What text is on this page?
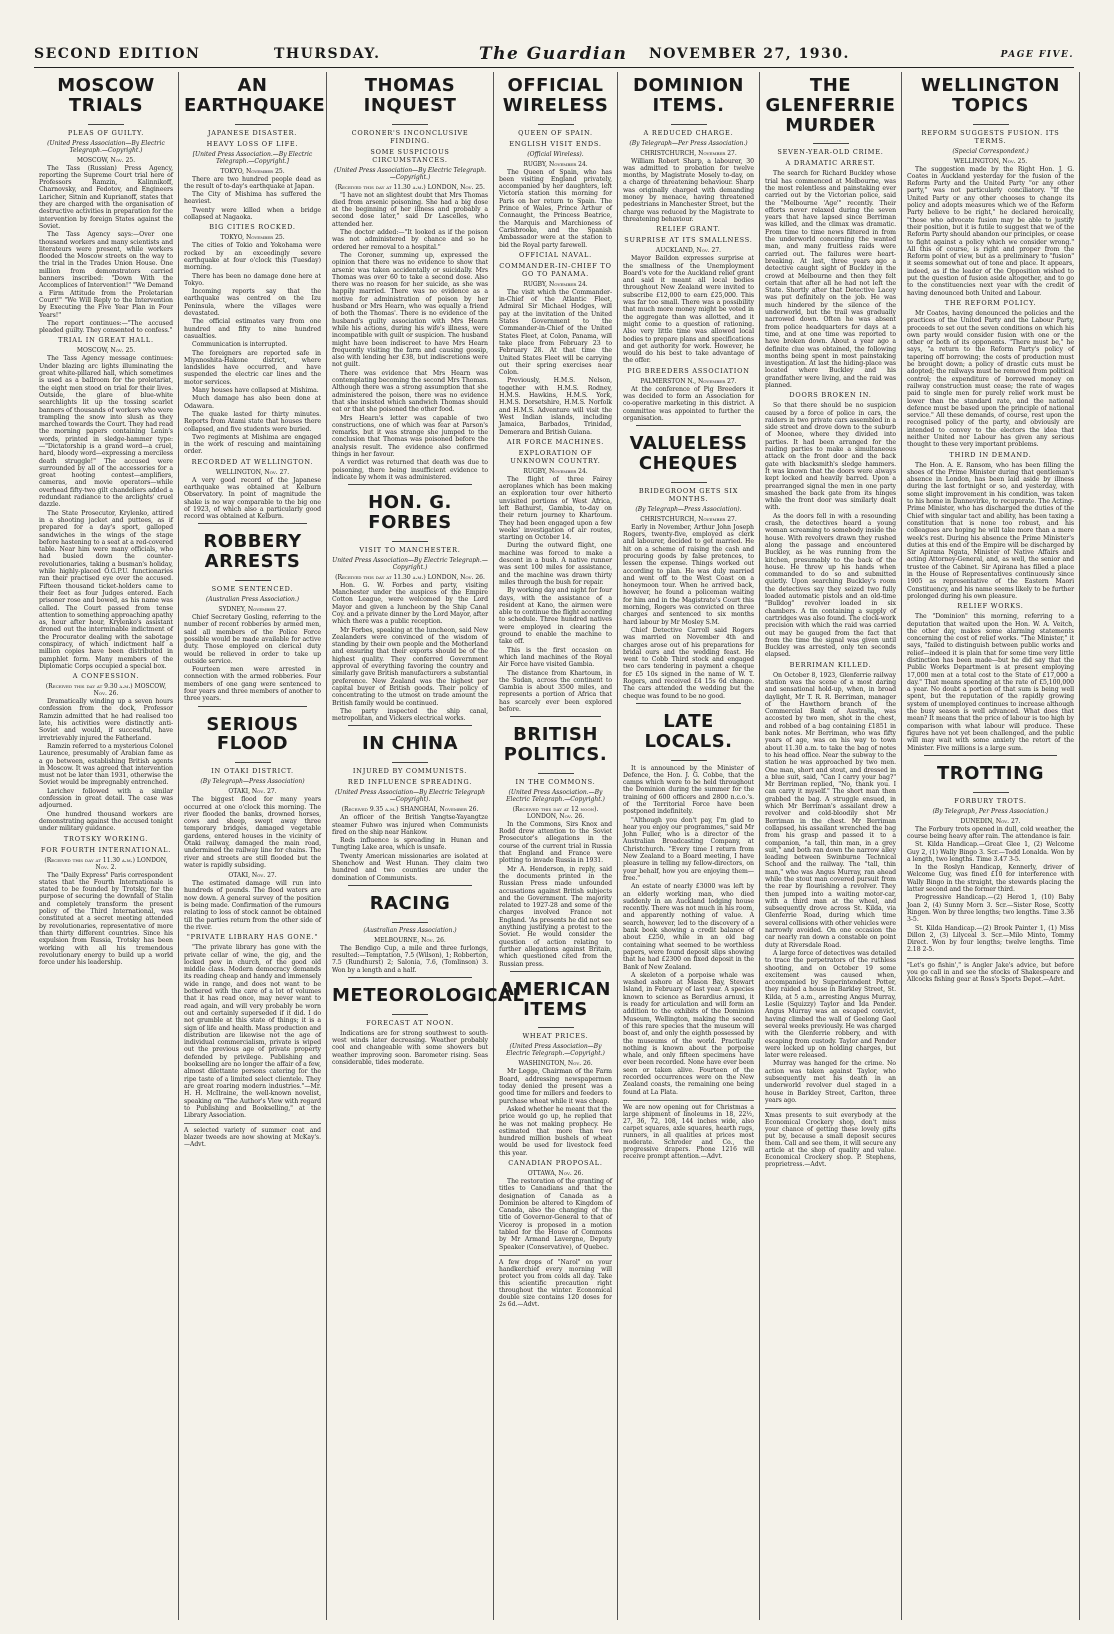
SECOND EDITION	THURSDAY.	The Guardian NOVEMBER 27, 1930.	PAGE FIVE.
MOSCOW TRIALS
PLEAS OF GUILTY.
(United Press Association—By Electric Telegraph.—Copyright.)
MOSCOW, Nov. 25.

The Tass (Russian) Press Agency, reporting the Supreme Court trial here of Professors Ramzin, Kalinnikoff, Charnovsky, and Fedotov, and Engineers Laricher, Sitnin and Kuprianoff, states that they are charged with the organisation of destructive activities in preparation for the intervention by foreign States against the Soviet.

The Tass Agency says:—Over one thousand workers and many scientists and literateurs were present, while workers flooded the Moscow streets on the way to the trial in the Trades Union House. One million from demonstrators carried banners inscribed: "Down With the Accomplices of Intervention!" "We Demand a Firm Attitude from the Proletarian Court!" "We Will Reply to the Intervention by Executing the Five Year Plan in Four Years!"

The report continues:—"The accused pleaded guilty. They consented to confess."

TRIAL IN GREAT HALL.
MOSCOW, Nov. 25.

The Tass Agency message continues: Under blazing arc lights illuminating the great white-pillared hall, which sometimes is used as a ballroom for the proletariat, the eight men stood on trial for their lives. Outside, the glare of blue-white searchlights lit up the tossing scarlet banners of thousands of workers who were trampling the snow into slush as they marched towards the Court. They had read the morning papers containing Lenin's words, printed in sledge-hammer type:—"Dictatorship is a grand word—a cruel, hard, bloody word—expressing a merciless death struggle!" The accused were surrounded by all of the accessories for a great hooting contest—amplifiers, cameras, and movie operators—while overhead fifty-two gilt chandeliers added a redundant radiance to the arclights' cruel dazzle.

The State Prosecutor, Krylenko, attired in a shooting jacket and puttees, as if prepared for a day's sport, galloped sandwiches in the wings of the stage before hastening to a seat at a red-covered table. Near him were many officials, who had busied down the counter-revolutionaries, taking a busman's holiday, while highly-placed O.G.P.U. functionaries ran their practised eye over the accused. Fifteen thousand ticket-holders came to their feet as four Judges entered. Each prisoner rose and bowed, as his name was called. The Court passed from tense attention to something approaching apathy as, hour after hour, Krylenko's assistant droned out the interminable indictment of the Procurator dealing with the sabotage conspiracy, of which indictment half a million copies have been distributed in pamphlet form. Many members of the Diplomatic Corps occupied a special box.

A CONFESSION.
(Received this day at 9.30 a.m.) MOSCOW, Nov. 26.

Dramatically winding up a seven hours confession from the dock, Professor Ramzin admitted that he had realised too late, his activities were distinctly anti-Soviet and would, if successful, have irretrievably injured the Fatherland.

Ramzin referred to a mysterious Colonel Laurence, presumably of Arabian fame as a go between, establishing British agents in Moscow. It was agreed that intervention must not be later than 1931, otherwise the Soviet would be impregnably entrenched.

Larichev followed with a similar confession in great detail. The case was adjourned.

One hundred thousand workers are demonstrating against the accused tonight under military guidance.

TROTSKY WORKING.
FOR FOURTH INTERNATIONAL.
(Received this day at 11.30 a.m.) LONDON, Nov. 2.

The "Daily Express" Paris correspondent states that the Fourth Internationale is stated to be founded by Trotsky, for the purpose of securing the downfall of Stalin and completely transform the present policy of the Third International, was constituted at a secret meeting attended by revolutionaries, representative of more than thirty different countries. Since his expulsion from Russia, Trotsky has been working with all his tremendous revolutionary energy to build up a world force under his leadership.

AN EARTHQUAKE
JAPANESE DISASTER.
HEAVY LOSS OF LIFE.
[United Press Association.—By Electric Telegraph.—Copyright.]
TOKYO, November 25.

There are two hundred people dead as the result of to-day's earthquake at Japan.

The City of Mishima has suffered the heaviest.

Twenty were killed when a bridge collapsed at Nagaoka.

BIG CITIES ROCKED.
TOKYO, November 25.

The cities of Tokio and Yokohama were rocked by an exceedingly severe earthquake at four o'clock this (Tuesday) morning.

There has been no damage done here at Tokyo.

Incoming reports say that the earthquake was centred on the Izu Peninsula, where the villages were devastated.

The official estimates vary from one hundred and fifty to nine hundred casualties.

Communication is interrupted.

The foreigners are reported safe in Miyanoshita-Hakone district, where landslides have occurred, and have suspended the electric car lines and the motor services.

Many houses have collapsed at Mishima.

Much damage has also been done at Odawara.

The quake lasted for thirty minutes. Reports from Atami state that houses there collapsed, and five students were buried.

Two regiments at Mishima are engaged in the work of rescuing and maintaining order.

RECORDED AT WELLINGTON.
WELLINGTON, Nov. 27.

A very good record of the Japanese earthquake was obtained at Kelburn Observatory. In point of magnitude the shake is no way comparable to the big one of 1923, of which also a particularly good record was obtained at Kelburn.

ROBBERY ARRESTS
SOME SENTENCED.
(Australian Press Association.)
SYDNEY, November 27.

Chief Secretary Gosling, referring to the number of recent robberies by armed men, said all members of the Police Force possible would be made available for active duty. Those employed on clerical duty would be relieved in order to take up outside service.

Fourteen men were arrested in connection with the armed robberies. Four members of one gang were sentenced to four years and three members of another to three years.

SERIOUS FLOOD
IN OTAKI DISTRICT.
(By Telegraph—Press Association)
OTAKI, Nov. 27.

The biggest flood for many years occurred at one o'clock this morning. The river flooded the banks, drowned horses, cows and sheep, swept away three temporary bridges, damaged vegetable gardens, entered houses in the vicinity of Otaki railway, damaged the main road, undermined the railway line for chains. The river and streets are still flooded but the water is rapidly subsiding.

OTAKI, Nov. 27.

The estimated damage will run into hundreds of pounds. The flood waters are now down. A general survey of the position is being made. Confirmation of the rumours relating to loss of stock cannot be obtained till the parties return from the other side of the river.

"PRIVATE LIBRARY HAS GONE."

"The private library has gone with the private cellar of wine, the gig, and the locked pew in church, of the good old middle class. Modern democracy demands its reading cheap and handy and immensely wide in range, and does not want to be bothered with the care of a lot of volumes that it has read once, may never want to read again, and will very probably be worn out and certainly superseded if it did. I do not grumble at this state of things; it is a sign of life and health. Mass production and distribution are likewise not the age of individual commercialism, private is wiped out the previous age of private property defended by privilege. Publishing and bookselling are no longer the affair of a few, almost dilettante persons catering for the ripe taste of a limited select clientele. They are great roaring modern industries."—Mr. H. H. McIlraine, the well-known novelist, speaking on "The Author's View with regard to Publishing and Bookselling," at the Library Association.

A selected variety of summer coat and blazer tweeds are now showing at McKay's.—Advt.
THOMAS INQUEST
CORONER'S INCONCLUSIVE FINDING.
SOME SUSPICIOUS CIRCUMSTANCES.
(United Press Association—By Electric Telegraph.—Copyright.)
(Received this day at 11.30 a.m.) LONDON, Nov. 25.

"I have not an slightest doubt that Mrs Thomas died from arsenic poisoning. She had a big dose at the beginning of her illness and probably a second dose later," said Dr Lascelles, who attended her.

The doctor added:—"It looked as if the poison was not administered by chance and so he ordered her removal to a hospital."

The Coroner, summing up, expressed the opinion that there was no evidence to show that arsenic was taken accidentally or suicidally. Mrs Thomas was over 60 to take a second dose. Also there was no reason for her suicide, as she was happily married. There was no evidence as a motive for administration of poison by her husband or Mrs Hearn, who was equally a friend of both the Thomas'. There is no evidence of the husband's guilty association with Mrs Hearn while his actions, during his wife's illness, were incompatible with guilt or suspicion. The husband might have been indiscreet to have Mrs Hearn frequently visiting the farm and causing gossip, also with lending her £38, but indiscretions were not guilt.

There was evidence that Mrs Hearn was contemplating becoming the second Mrs Thomas. Although there was a strong assumption that she administered the poison, there was no evidence that she insisted which sandwich Thomas should eat or that she poisoned the other food.

Mrs Hearn's letter was capable of two constructions, one of which was fear at Parson's remarks, but it was strange she jumped to the conclusion that Thomas was poisoned before the analysis result. The evidence also confirmed things in her favour.

A verdict was returned that death was due to poisoning, there being insufficient evidence to indicate by whom it was administered.

HON. G. FORBES
VISIT TO MANCHESTER.
United Press Association—By Electric Telegraph.—Copyright.)
(Received this day at 11.30 a.m.) LONDON, Nov. 26.

Hon. G. W. Forbes and party, visiting Manchester under the auspices of the Empire Cotton League, were welcomed by the Lord Mayor and given a luncheon by the Ship Canal Coy. and a private dinner by the Lord Mayor, after which there was a public reception.

Mr Forbes, speaking at the luncheon, said New Zealanders were convinced of the wisdom of standing by their own people and the Motherland and ensuring that their exports should be of the highest quality. They conferred Government approval of everything favoring the country and similarly gave British manufacturers a substantial preference. New Zealand was the highest per capital buyer of British goods. Their policy of concentrating to the utmost on trade amount the British family would be continued.

The party inspected the ship canal, metropolitan, and Vickers electrical works.

IN CHINA
INJURED BY COMMUNISTS.
RED INFLUENCE SPREADING.
(United Press Association—By Electric Telegraph—Copyright).
(Received 9.35 a.m.) SHANGHAI, November 26.

An officer of the British Yangtse-Yayangtze steamer Fuhwo was injured when Communists fired on the ship near Hankow.

Reds influence is spreading in Hunan and Tungting Lake area, which is unsafe.

Twenty American missionaries are isolated at Shenchow and West Hunan. They claim two hundred and two counties are under the domination of Communists.

RACING
(Australian Press Association.)
MELBOURNE, Nov. 26.

The Bendigo Cup, a mile and three furlongs, resulted:—Temptation, 7.5 (Wilson), 1; Robberton, 7.5 (Rundhurst) 2; Salonia, 7.6, (Tomlinson) 3. Won by a length and a half.

METEOROLOGICAL
FORECAST AT NOON.

Indications are for strong southwest to south-west winds later decreasing. Weather probably cool and changeable with some showers but weather improving soon. Barometer rising. Seas considerable, tides moderate.

OFFICIAL WIRELESS
QUEEN OF SPAIN.
ENGLISH VISIT ENDS.
(Official Wireless).
RUGBY, November 24.

The Queen of Spain, who has been visiting England privately, accompanied by her daughters, left Victoria station this morning for Paris on her return to Spain. The Prince of Wales, Prince Arthur of Connaught, the Princess Beatrice, the Marquis and Marchioness of Carisbrooke, and the Spanish Ambassador were at the station to bid the Royal party farewell.

OFFICIAL NAVAL.
COMMANDER-IN-CHIEF TO GO TO PANAMA.
RUGBY, November 24.

The visit which the Commander-in-Chief of the Atlantic Fleet, Admiral Sir Michael Hodges, will pay at the invitation of the United States Government to the Commander-in-Chief of the United States Fleet, at Colon, Panama, will take place from February 23 to February 28. At that time the United States Fleet will be carrying out their spring exercises near Colon.

Previously, H.M.S. Nelson, together with H.M.S. Rodney, H.M.S. Hawkins, H.M.S. York, H.M.S. Dorsetshire, H.M.S. Norfolk and H.M.S. Adventure will visit the West Indian islands, including Jamaica, Barbados, Trinidad, Demerara and British Guiana.

AIR FORCE MACHINES.
EXPLORATION OF UNKNOWN COUNTRY.
RUGBY, November 24.

The flight of three Fairey aeroplanes which has been making an exploration tour over hitherto unvisited portions of West Africa, left Bathurst, Gambia, to-day on their return journey to Khartoum. They had been engaged upon a few weeks' investigation of air routes, starting on October 14.

During the outward flight, one machine was forced to make a descent in a bush. A native runner was sent 100 miles for assistance, and the machine was drawn thirty miles through the bush for repair.

By working day and night for four days, with the assistance of a resident at Kano, the airmen were able to continue the flight according to schedule. Three hundred natives were employed in clearing the ground to enable the machine to take off.

This is the first occasion on which land machines of the Royal Air Force have visited Gambia.

The distance from Khartoum, in the Sudan, across the continent to Gambia is about 3500 miles, and represents a portion of Africa that has scarcely ever been explored before.

BRITISH POLITICS.
IN THE COMMONS.
(United Press Association.—By Electric Telegraph.—Copyright.)
(Received this day at 12 noon). LONDON, Nov. 26.

In the Commons, Sirs Knox and Rodd drew attention to the Soviet Prosecutor's allegations in the course of the current trial in Russia that England and France were plotting to invade Russia in 1931.

Mr A. Henderson, in reply, said the documents printed in the Russian Press made unfounded accusations against British subjects and the Government. The majority related to 1927-28 and some of the charges involved France not England. 'As presents he did not see anything justifying a protest to the Soviet. He would consider the question of action relating to further allegations against Britain, which questioned cited from the Russian press.

AMERICAN ITEMS
WHEAT PRICES.
(United Press Association—By Electric Telegraph.—Copyright.)
WASHINGTON, Nov. 26.

Mr Legge, Chairman of the Farm Board, addressing newspapermen today denied the present was a good time for millers and feeders to purchase wheat while it was cheap.

Asked whether he meant that the price would go up, he replied that he was not making prophecy. He estimated that more than two hundred million bushels of wheat would be used for livestock feed this year.

CANADIAN PROPOSAL.
OTTAWA, Nov. 26.

The restoration of the granting of titles to Canadians and that the designation of Canada as a Dominion be altered to Kingdom of Canada, also the changing of the title of Governor-General to that of Viceroy is proposed in a motion tabled for the House of Commons by Mr Armand Lavergne, Deputy Speaker (Conservative), of Quebec.

A few drops of "Narol" on your handkerchief every morning will protect you from colds all day. Take this scientific precaution right throughout the winter. Economical double size contains 120 doses for 2s 6d.—Advt.
DOMINION ITEMS.
A REDUCED CHARGE.
(By Telegraph—Per Press Association.)
CHRISTCHURCH, November 27.

William Robert Sharp, a labourer, 30 was admitted to probation for twelve months, by Magistrate Mosely to-day, on a charge of threatening behaviour. Sharp was originally charged with demanding money by menace, having threatened pedestrians in Manchester Street, but the charge was reduced by the Magistrate to threatening behaviour.

RELIEF GRANT.
SURPRISE AT ITS SMALLNESS.
AUCKLAND, Nov. 27.

Mayor Baildon expresses surprise at the smallness of the Unemployment Board's vote for the Auckland relief grant and said it meant all local bodies throughout New Zealand were invited to subscribe £12,000 to earn £25,000. This was far too small. There was a possibility that much more money might be voted in the aggregate than was allotted, and it might come to a question of rationing. Also very little time was allowed local bodies to prepare plans and specifications and get authority for work. However, he would do his best to take advantage of the offer.

PIG BREEDERS ASSOCIATION
PALMERSTON N., November 27.

At the conference of Pig Breeders it was decided to form an Association for co-operative marketing in this district. A committee was appointed to further the organisation.

VALUELESS CHEQUES
BRIDEGROOM GETS SIX MONTHS.
(By Telegraph—Press Association).
CHRISTCHURCH, November 27.

Early in November, Arthur John Joseph Rogers, twenty-five, employed as clerk and labourer, decided to get married. He hit on a scheme of raising the cash and procuring goods by false pretences, to lessen the expense. Things worked out according to plan. He was duly married and went off to the West Coast on a honeymoon tour. When he arrived back, however, he found a policeman waiting for him and in the Magistrate's Court this morning, Rogers was convicted on three charges and sentenced to six months hard labour by Mr Mosley S.M.

Chief Detective Carroll said Rogers was married on November 4th and charges arose out of his preparations for bridal ours and the wedding feast. He went to Cobb Third stock and engaged two cars tendering in payment a cheque for £5 10s signed in the name of W. T. Rogers, and received £4 15s 6d change. The cars attended the wedding but the cheque was found to be no good.

LATE LOCALS.

It is announced by the Minister of Defence, the Hon. J. G. Cobbe, that the camps which were to be held throughout the Dominion during the summer for the training of 600 officers and 2800 n.c.o.'s. of the Territorial Force have been postponed indefinitely.

"Although you don't pay, I'm glad to hear you enjoy our programmes," said Mr John Fuller, who is a director of the Australian Broadcasting Company, at Christchurch. "Every time I return from New Zealand to a Board meeting, I have pleasure in telling my fellow-directors, on your behalf, how you are enjoying them—free."

An estate of nearly £3000 was left by an elderly working man, who died suddenly in an Auckland lodging house recently. There was not much in his room, and apparently nothing of value. A search, however, led to the discovery of a bank book showing a credit balance of about £250, while in an old bag containing what seemed to be worthless papers, were found deposit slips showing that he had £2300 on fixed deposit in the Bank of New Zealand.

A skeleton of a porpoise whale was washed ashore at Mason Bay, Stewart Island, in February of last year. A species known to science as Berardius arnuxi, it is ready for articulation and will form an addition to the exhibits of the Dominion Museum, Wellington, making the second of this rare species that the museum will boast of, and only the eighth possessed by the museums of the world. Practically nothing is known about the porpoise whale, and only fifteen specimens have ever been recorded. None have ever been seen or taken alive. Fourteen of the recorded occurrences were on the New Zealand coasts, the remaining one being found at La Plata.

We are now opening out for Christmas a large shipment of linoleums in 18, 22½, 27, 36, 72, 108, 144 inches wide, also carpet squares, axle squares, hearth rugs, runners, in all qualities at prices most moderate. Schroder and Co., the progressive drapers. Phone 1216 will receive prompt attention.—Advt.
THE GLENFERRIE MURDER
SEVEN-YEAR-OLD CRIME.
A DRAMATIC ARREST.

The search for Richard Buckley whose trial has commenced at Melbourne, was the most relentless and painstaking ever carried out by the Victorian police, said the "Melbourne 'Age'" recently. Their efforts never relaxed during the seven years that have lapsed since Berriman was killed, and the climax was dramatic. From time to time news filtered in from the underworld concerning the wanted man, and many fruitless raids were carried out. The failures were heart-breaking. At last, three years ago a detective caught sight of Buckley in the crowd at Melbourne and then they felt certain that after all he had not left the State. Shortly after that Detective Lacey was put definitely on the job. He was much hindered by the silence of the underworld, but the trail was gradually narrowed down. Often he was absent from police headquarters for days at a time, and at one time was reported to have broken down. About a year ago a definite clue was obtained, the following months being spent in most painstaking investigation. At last the hiding-place was located where Buckley and his grandfather were living, and the raid was planned.

DOORS BROKEN IN.

So that there should be no suspicion caused by a force of police in cars, the raiders in two private cars assembled in a side street and drove down to the suburb of Moonee, where they divided into parties. It had been arranged for the raiding parties to make a simultaneous attack on the front door and the back gate with blacksmith's sledge hammers. It was known that the doors were always kept locked and heavily barred. Upon a prearranged signal the men in one party smashed the back gate from its hinges while the front door was similarly dealt with.

As the doors fell in with a resounding crash, the detectives heard a young woman screaming to somebody inside the house. With revolvers drawn they rushed along the passage and encountered Buckley, as he was running from the kitchen, presumably to the back of the house. He threw up his hands when commanded to do so and submitted quietly. Upon searching Buckley's room the detectives say they seized two fully loaded automatic pistols and an old-time "Bulldog" revolver loaded in six chambers. A tin containing a supply of cartridges was also found. The clock-work precision with which the raid was carried out may be gauged from the fact that from the time the signal was given until Buckley was arrested, only ten seconds elapsed.

BERRIMAN KILLED.

On October 8, 1923, Glenferrie railway station was the scene of a most daring and sensational hold-up, when, in broad daylight, Mr T. R. R. Berriman, manager of the Hawthorn branch of the Commercial Bank of Australia, was accosted by two men, shot in the chest, and robbed of a bag containing £1851 in bank notes. Mr Berriman, who was fifty years of age, was on his way to town about 11.30 a.m. to take the bag of notes to his head office. Near the subway to the station he was approached by two men. One man, short and stout, and dressed in a blue suit, said, "Can I carry your bag?" Mr Berriman replied, "No, thank you. I can carry it myself." The short man then grabbed the bag. A struggle ensued, in which Mr Berriman's assailant drew a revolver and cold-bloodily shot Mr Berriman in the chest. Mr Berriman collapsed, his assailant wrenched the bag from his grasp and passed it to a companion, "a tall, thin man, in a grey suit," and both ran down the narrow alley leading between Swinburne Technical School and the railway. The "tall, thin man," who was Angus Murray, ran ahead while the stout man covered pursuit from the rear by flourishing a revolver. They then jumped into a waiting motor-car, with a third man at the wheel, and subsequently drove across St. Kilda, via Glenferrie Road, during which time several collisions with other vehicles were narrowly avoided. On one occasion the car nearly ran down a constable on point duty at Riversdale Road.

A large force of detectives was detailed to trace the perpetrators of the ruthless shooting, and on October 19 some excitement was caused when, accompanied by Superintendent Potter, they raided a house in Barkley Street, St. Kilda, at 5 a.m., arresting Angus Murray, Leslie (Squizzy) Taylor and Ida Pender. Angus Murray was an escaped convict, having climbed the wall of Geelong Gaol several weeks previously. He was charged with the Glenferrie robbery, and with escaping from custody. Taylor and Pender were locked up on holding charges, but later were released.

Murray was hanged for the crime. No action was taken against Taylor, who subsequently met his death in an underworld revolver duel staged in a house in Barkley Street, Carlton, three years ago.

Xmas presents to suit everybody at the Economical Crockery shop, don't miss your chance of getting these lovely gifts put by, because a small deposit secures them. Call and see them, it will secure any article at the shop of quality and value. Economical Crockery shop. P. Stephens, proprietress.—Advt.
WELLINGTON TOPICS
REFORM SUGGESTS FUSION. ITS TERMS.
(Special Correspondent.)
WELLINGTON, Nov. 25.

The suggestion made by the Right Hon. J. G. Coates in Auckland yesterday for the fusion of the Reform Party and the United Party "or any other party," was not particularly conciliatory. "If the United Party or any other chooses to change its policy and adopts measures which we of the Reform Party believe to be right," he declared heroically, "those who advocate fusion may be able to justify their position, but it is futile to suggest that we of the Reform Party should abandon our principles, or cease to fight against a policy which we consider wrong." All this of course, is right and proper from the Reform point of view, but as a preliminary to "fusion" it seems somewhat out of tone and place. It appears, indeed, as if the leader of the Opposition wished to put the question of fusion aside altogether, and to go to the constituencies next year with the credit of having denounced both United and Labour.

THE REFORM POLICY.

Mr Coates, having denounced the policies and the practices of the United Party and the Labour Party, proceeds to set out the seven conditions on which his own party would consider fusion with one or the other or both of its opponents. "There must be," he says, "a return to the Reform Party's policy of tapering off borrowing; the costs of production must be brought down; a policy of drastic cuts must be adopted; the railways must be removed from political control; the expenditure of borrowed money on railway construction must cease; the rate of wages paid to single men for purely relief work must be lower than the standard rate, and the national defence must be based upon the principle of national service." All these demands, of course, rest upon the recognised policy of the party, and obviously are intended to convey to the electors the idea that neither United nor Labour has given any serious thought to these very important problems.

THIRD IN DEMAND.

The Hon. A. E. Ransom, who has been filling the shoes of the Prime Minister during that gentleman's absence in London, has been laid aside by illness during the last fortnight or so, and yesterday, with some slight improvement in his condition, was taken to his home in Dannevirke, to recuperate. The Acting-Prime Minister, who has discharged the duties of the Chief with singular tact and ability, has been taxing a constitution that is none too robust, and his colleagues are hoping he will take more than a mere week's rest. During his absence the Prime Minister's duties at this end of the Empire will be discharged by Sir Apirana Ngata, Minister of Native Affairs and acting Attorney-General, and, as well, the senior and trustee of the Cabinet. Sir Apirana has filled a place in the House of Representatives continuously since 1905 as representative of the Eastern Maori Constituency, and his name seems likely to be further prolonged during his own pleasure.

RELIEF WORKS.

The "Dominion" this morning, referring to a deputation that waited upon the Hon. W. A. Veitch, the other day, makes some alarming statements concerning the cost of relief works. "The Minister," it says, "failed to distinguish between public works and relief—indeed it is plain that for some time very little distinction has been made—but he did say that the Public Works Department is at present employing 17,000 men at a total cost to the State of £17,000 a day." That means spending at the rate of £5,100,000 a year. No doubt a portion of that sum is being well spent, but the reputation of the rapidly growing system of unemployed continues to increase although the busy season is well advanced. What does that mean? It means that the price of labour is too high by comparison with what labour will produce. These figures have not yet been challenged, and the public will may wait with some anxiety the retort of the Minister. Five millions is a large sum.

TROTTING
FORBURY TROTS.
(By Telegraph, Per Press Association.)
DUNEDIN, Nov. 27.

The Forbury trots opened in dull, cold weather, the course being heavy after rain. The attendance is fair.

St. Kilda Handicap.—Great Glee 1, (2) Welcome Guy 2, (1) Wally Bingo 3. Scr.—Todd Lonalda. Won by a length, two lengths. Time 3.47 3-5.

In the Roslyn Handicap, Kennerly, driver of Welcome Guy, was fined £10 for interference with Wally Bingo in the straight, the stewards placing the latter second and the former third.

Progressive Handicap.—(2) Herod 1, (10) Baby Joan 2, (4) Sunny Morn 3. Scr.—Sister Rose, Scotty Ringen. Won by three lengths; two lengths. Time 3.36 3-5.

St. Kilda Handicap.—(2) Brook Painter 1, (1) Miss Dillon 2, (3) Lilyceal 3. Scr.—Milo Minto, Tommy Direct. Won by four lengths; twelve lengths. Time 2.18 2-5.

"Let's go fishin'," is Angler Jake's advice, but before you go call in and see the stocks of Shakespeare and Allcocks fishing gear at Ross's Sports Depot.—Advt.
